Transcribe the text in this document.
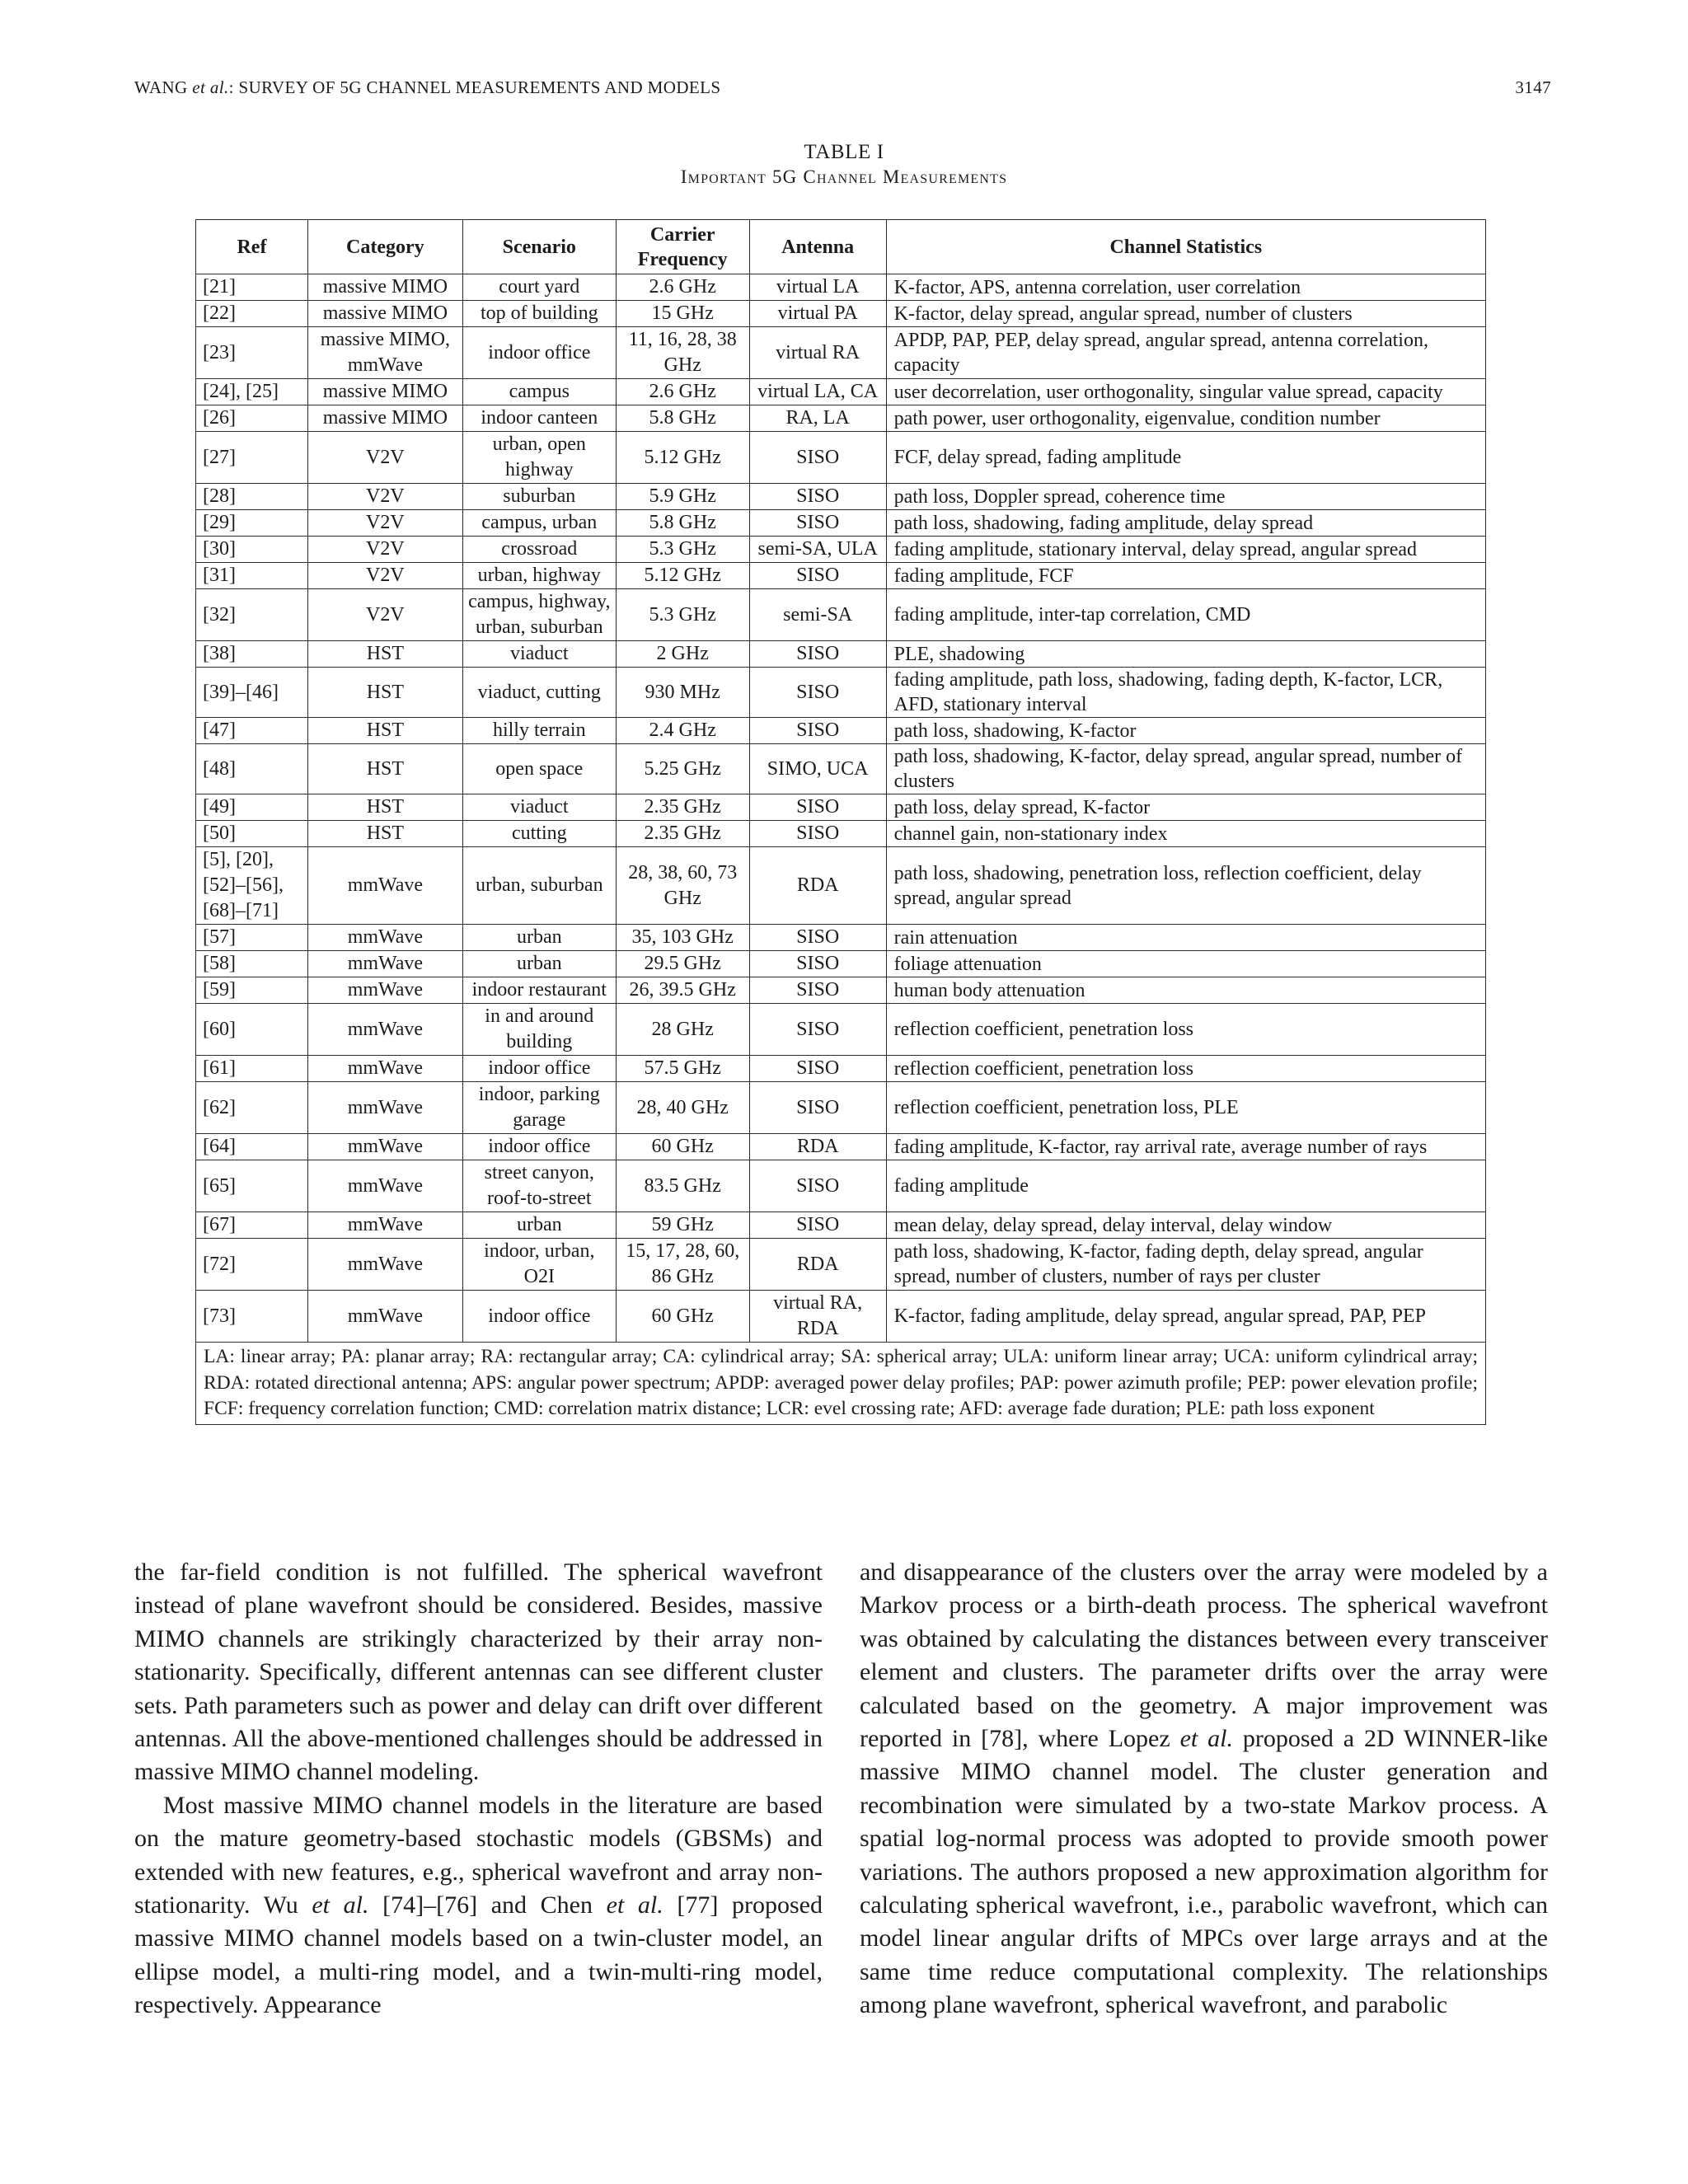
WANG et al.: SURVEY OF 5G CHANNEL MEASUREMENTS AND MODELS	3147
TABLE I
Important 5G Channel Measurements
Ref	Category	Scenario	Carrier Frequency	Antenna	Channel Statistics
[21]	massive MIMO	court yard	2.6 GHz	virtual LA	K-factor, APS, antenna correlation, user correlation
[22]	massive MIMO	top of building	15 GHz	virtual PA	K-factor, delay spread, angular spread, number of clusters
[23]	massive MIMO, mmWave	indoor office	11, 16, 28, 38 GHz	virtual RA	APDP, PAP, PEP, delay spread, angular spread, antenna correlation, capacity
[24], [25]	massive MIMO	campus	2.6 GHz	virtual LA, CA	user decorrelation, user orthogonality, singular value spread, capacity
[26]	massive MIMO	indoor canteen	5.8 GHz	RA, LA	path power, user orthogonality, eigenvalue, condition number
[27]	V2V	urban, open highway	5.12 GHz	SISO	FCF, delay spread, fading amplitude
[28]	V2V	suburban	5.9 GHz	SISO	path loss, Doppler spread, coherence time
[29]	V2V	campus, urban	5.8 GHz	SISO	path loss, shadowing, fading amplitude, delay spread
[30]	V2V	crossroad	5.3 GHz	semi-SA, ULA	fading amplitude, stationary interval, delay spread, angular spread
[31]	V2V	urban, highway	5.12 GHz	SISO	fading amplitude, FCF
[32]	V2V	campus, highway, urban, suburban	5.3 GHz	semi-SA	fading amplitude, inter-tap correlation, CMD
[38]	HST	viaduct	2 GHz	SISO	PLE, shadowing
[39]–[46]	HST	viaduct, cutting	930 MHz	SISO	fading amplitude, path loss, shadowing, fading depth, K-factor, LCR, AFD, stationary interval
[47]	HST	hilly terrain	2.4 GHz	SISO	path loss, shadowing, K-factor
[48]	HST	open space	5.25 GHz	SIMO, UCA	path loss, shadowing, K-factor, delay spread, angular spread, number of clusters
[49]	HST	viaduct	2.35 GHz	SISO	path loss, delay spread, K-factor
[50]	HST	cutting	2.35 GHz	SISO	channel gain, non-stationary index
[5], [20], [52]–[56], [68]–[71]	mmWave	urban, suburban	28, 38, 60, 73 GHz	RDA	path loss, shadowing, penetration loss, reflection coefficient, delay spread, angular spread
[57]	mmWave	urban	35, 103 GHz	SISO	rain attenuation
[58]	mmWave	urban	29.5 GHz	SISO	foliage attenuation
[59]	mmWave	indoor restaurant	26, 39.5 GHz	SISO	human body attenuation
[60]	mmWave	in and around building	28 GHz	SISO	reflection coefficient, penetration loss
[61]	mmWave	indoor office	57.5 GHz	SISO	reflection coefficient, penetration loss
[62]	mmWave	indoor, parking garage	28, 40 GHz	SISO	reflection coefficient, penetration loss, PLE
[64]	mmWave	indoor office	60 GHz	RDA	fading amplitude, K-factor, ray arrival rate, average number of rays
[65]	mmWave	street canyon, roof-to-street	83.5 GHz	SISO	fading amplitude
[67]	mmWave	urban	59 GHz	SISO	mean delay, delay spread, delay interval, delay window
[72]	mmWave	indoor, urban, O2I	15, 17, 28, 60, 86 GHz	RDA	path loss, shadowing, K-factor, fading depth, delay spread, angular spread, number of clusters, number of rays per cluster
[73]	mmWave	indoor office	60 GHz	virtual RA, RDA	K-factor, fading amplitude, delay spread, angular spread, PAP, PEP
LA: linear array; PA: planar array; RA: rectangular array; CA: cylindrical array; SA: spherical array; ULA: uniform linear array; UCA: uniform cylindrical array; RDA: rotated directional antenna; APS: angular power spectrum; APDP: averaged power delay profiles; PAP: power azimuth profile; PEP: power elevation profile; FCF: frequency correlation function; CMD: correlation matrix distance; LCR: evel crossing rate; AFD: average fade duration; PLE: path loss exponent					

the far-field condition is not fulfilled. The spherical wavefront instead of plane wavefront should be considered. Besides, massive MIMO channels are strikingly characterized by their array non-stationarity. Specifically, different antennas can see different cluster sets. Path parameters such as power and delay can drift over different antennas. All the above-mentioned challenges should be addressed in massive MIMO channel modeling.

Most massive MIMO channel models in the literature are based on the mature geometry-based stochastic models (GBSMs) and extended with new features, e.g., spherical wavefront and array non-stationarity. Wu et al. [74]–[76] and Chen et al. [77] proposed massive MIMO channel models based on a twin-cluster model, an ellipse model, a multi-ring model, and a twin-multi-ring model, respectively. Appearance

and disappearance of the clusters over the array were modeled by a Markov process or a birth-death process. The spherical wavefront was obtained by calculating the distances between every transceiver element and clusters. The parameter drifts over the array were calculated based on the geometry. A major improvement was reported in [78], where Lopez et al. proposed a 2D WINNER-like massive MIMO channel model. The cluster generation and recombination were simulated by a two-state Markov process. A spatial log-normal process was adopted to provide smooth power variations. The authors proposed a new approximation algorithm for calculating spherical wavefront, i.e., parabolic wavefront, which can model linear angular drifts of MPCs over large arrays and at the same time reduce computational complexity. The relationships among plane wavefront, spherical wavefront, and parabolic
